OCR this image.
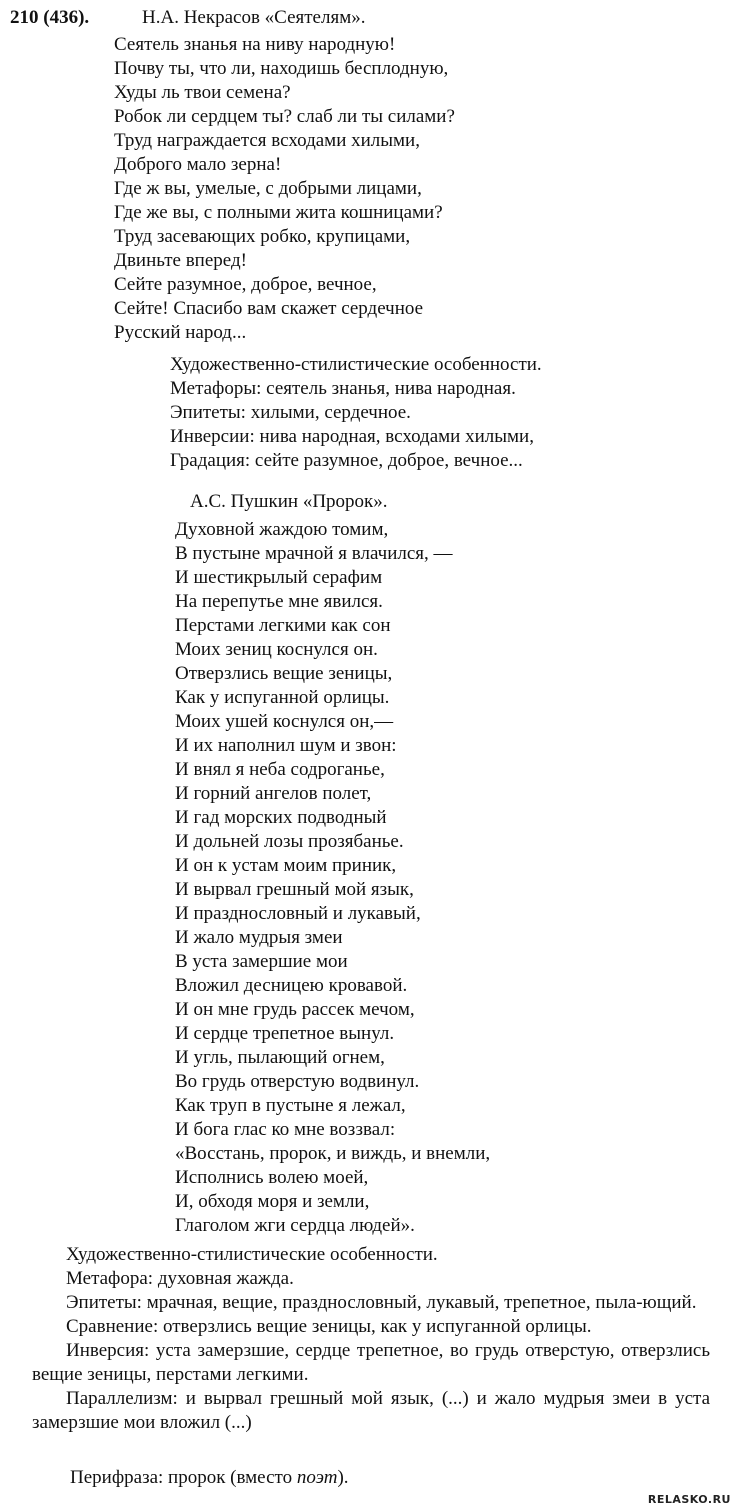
210 (436).	Н.А. Некрасов «Сеятелям».
Сеятель знанья на ниву народную!
Почву ты, что ли, находишь бесплодную,
Худы ль твои семена?
Робок ли сердцем ты? слаб ли ты силами?
Труд награждается всходами хилыми,
Доброго мало зерна!
Где ж вы, умелые, с добрыми лицами,
Где же вы, с полными жита кошницами?
Труд засевающих робко, крупицами,
Двиньте вперед!
Сейте разумное, доброе, вечное,
Сейте! Спасибо вам скажет сердечное
Русский народ...
Художественно-стилистические особенности.
Метафоры: сеятель знанья, нива народная.
Эпитеты: хилыми, сердечное.
Инверсии: нива народная, всходами хилыми,
Градация: сейте разумное, доброе, вечное...
А.С. Пушкин «Пророк».
Духовной жаждою томим,
В пустыне мрачной я влачился, —
И шестикрылый серафим
На перепутье мне явился.
Перстами легкими как сон
Моих зениц коснулся он.
Отверзлись вещие зеницы,
Как у испуганной орлицы.
Моих ушей коснулся он,—
И их наполнил шум и звон:
И внял я неба содроганье,
И горний ангелов полет,
И гад морских подводный
И дольней лозы прозябанье.
И он к устам моим приник,
И вырвал грешный мой язык,
И празднословный и лукавый,
И жало мудрыя змеи
В уста замершие мои
Вложил десницею кровавой.
И он мне грудь рассек мечом,
И сердце трепетное вынул.
И угль, пылающий огнем,
Во грудь отверстую водвинул.
Как труп в пустыне я лежал,
И бога глас ко мне воззвал:
«Восстань, пророк, и виждь, и внемли,
Исполнись волею моей,
И, обходя моря и земли,
Глаголом жги сердца людей».
Художественно-стилистические особенности.
Метафора: духовная жажда.
Эпитеты: мрачная, вещие, празднословный, лукавый, трепетное, пыла-ющий.
Сравнение: отверзлись вещие зеницы, как у испуганной орлицы.
Инверсия: уста замерзшие, сердце трепетное, во грудь отверстую, отверзлись вещие зеницы, перстами легкими.
Параллелизм: и вырвал грешный мой язык, (...) и жало мудрыя змеи в уста замерзшие мои вложил (...)
Перифраза: пророк (вместо поэт).
RELASKO.RU
